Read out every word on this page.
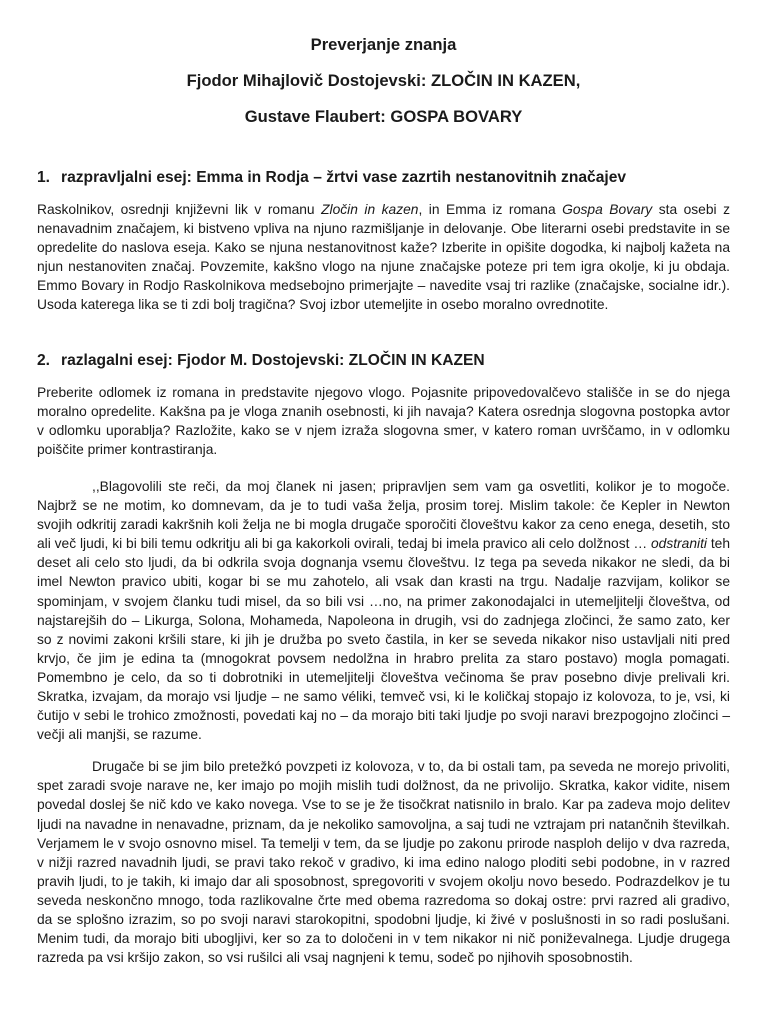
Preverjanje znanja
Fjodor Mihajlovič Dostojevski: ZLOČIN IN KAZEN,
Gustave Flaubert: GOSPA BOVARY
1. razpravljalni esej: Emma in Rodja – žrtvi vase zazrtih nestanovitnih značajev

Raskolnikov, osrednji književni lik v romanu Zločin in kazen, in Emma iz romana Gospa Bovary sta osebi z nenavadnim značajem, ki bistveno vpliva na njuno razmišljanje in delovanje. Obe literarni osebi predstavite in se opredelite do naslova eseja. Kako se njuna nestanovitnost kaže? Izberite in opišite dogodka, ki najbolj kažeta na njun nestanoviten značaj. Povzemite, kakšno vlogo na njune značajske poteze pri tem igra okolje, ki ju obdaja. Emmo Bovary in Rodjo Raskolnikova medsebojno primerjajte – navedite vsaj tri razlike (značajske, socialne idr.). Usoda katerega lika se ti zdi bolj tragična? Svoj izbor utemeljite in osebo moralno ovrednotite.

2. razlagalni esej: Fjodor M. Dostojevski: ZLOČIN IN KAZEN

Preberite odlomek iz romana in predstavite njegovo vlogo. Pojasnite pripovedovalčevo stališče in se do njega moralno opredelite. Kakšna pa je vloga znanih osebnosti, ki jih navaja? Katera osrednja slogovna postopka avtor v odlomku uporablja? Razložite, kako se v njem izraža slogovna smer, v katero roman uvrščamo, in v odlomku poiščite primer kontrastiranja.

,,Blagovolili ste reči, da moj članek ni jasen; pripravljen sem vam ga osvetliti, kolikor je to mogoče. Najbrž se ne motim, ko domnevam, da je to tudi vaša želja, prosim torej. Mislim takole: če Kepler in Newton svojih odkritij zaradi kakršnih koli želja ne bi mogla drugače sporočiti človeštvu kakor za ceno enega, desetih, sto ali več ljudi, ki bi bili temu odkritju ali bi ga kakorkoli ovirali, tedaj bi imela pravico ali celo dolžnost … odstraniti teh deset ali celo sto ljudi, da bi odkrila svoja dognanja vsemu človeštvu. Iz tega pa seveda nikakor ne sledi, da bi imel Newton pravico ubiti, kogar bi se mu zahotelo, ali vsak dan krasti na trgu. Nadalje razvijam, kolikor se spominjam, v svojem članku tudi misel, da so bili vsi …no, na primer zakonodajalci in utemeljitelji človeštva, od najstarejših do – Likurga, Solona, Mohameda, Napoleona in drugih, vsi do zadnjega zločinci, že samo zato, ker so z novimi zakoni kršili stare, ki jih je družba po sveto častila, in ker se seveda nikakor niso ustavljali niti pred krvjo, če jim je edina ta (mnogokrat povsem nedolžna in hrabro prelita za staro postavo) mogla pomagati. Pomembno je celo, da so ti dobrotniki in utemeljitelji človeštva večinoma še prav posebno divje prelivali kri. Skratka, izvajam, da morajo vsi ljudje – ne samo véliki, temveč vsi, ki le količkaj stopajo iz kolovoza, to je, vsi, ki čutijo v sebi le trohico zmožnosti, povedati kaj no – da morajo biti taki ljudje po svoji naravi brezpogojno zločinci – večji ali manjši, se razume.

Drugače bi se jim bilo pretežkó povzpeti iz kolovoza, v to, da bi ostali tam, pa seveda ne morejo privoliti, spet zaradi svoje narave ne, ker imajo po mojih mislih tudi dolžnost, da ne privolijo. Skratka, kakor vidite, nisem povedal doslej še nič kdo ve kako novega. Vse to se je že tisočkrat natisnilo in bralo. Kar pa zadeva mojo delitev ljudi na navadne in nenavadne, priznam, da je nekoliko samovoljna, a saj tudi ne vztrajam pri natančnih številkah. Verjamem le v svojo osnovno misel. Ta temelji v tem, da se ljudje po zakonu prirode nasploh delijo v dva razreda, v nižji razred navadnih ljudi, se pravi tako rekoč v gradivo, ki ima edino nalogo ploditi sebi podobne, in v razred pravih ljudi, to je takih, ki imajo dar ali sposobnost, spregovoriti v svojem okolju novo besedo. Podrazdelkov je tu seveda neskončno mnogo, toda razlikovalne črte med obema razredoma so dokaj ostre: prvi razred ali gradivo, da se splošno izrazim, so po svoji naravi starokopitni, spodobni ljudje, ki živé v poslušnosti in so radi poslušani. Menim tudi, da morajo biti ubogljivi, ker so za to določeni in v tem nikakor ni nič poniževalnega. Ljudje drugega razreda pa vsi kršijo zakon, so vsi rušilci ali vsaj nagnjeni k temu, sodeč po njihovih sposobnostih.
